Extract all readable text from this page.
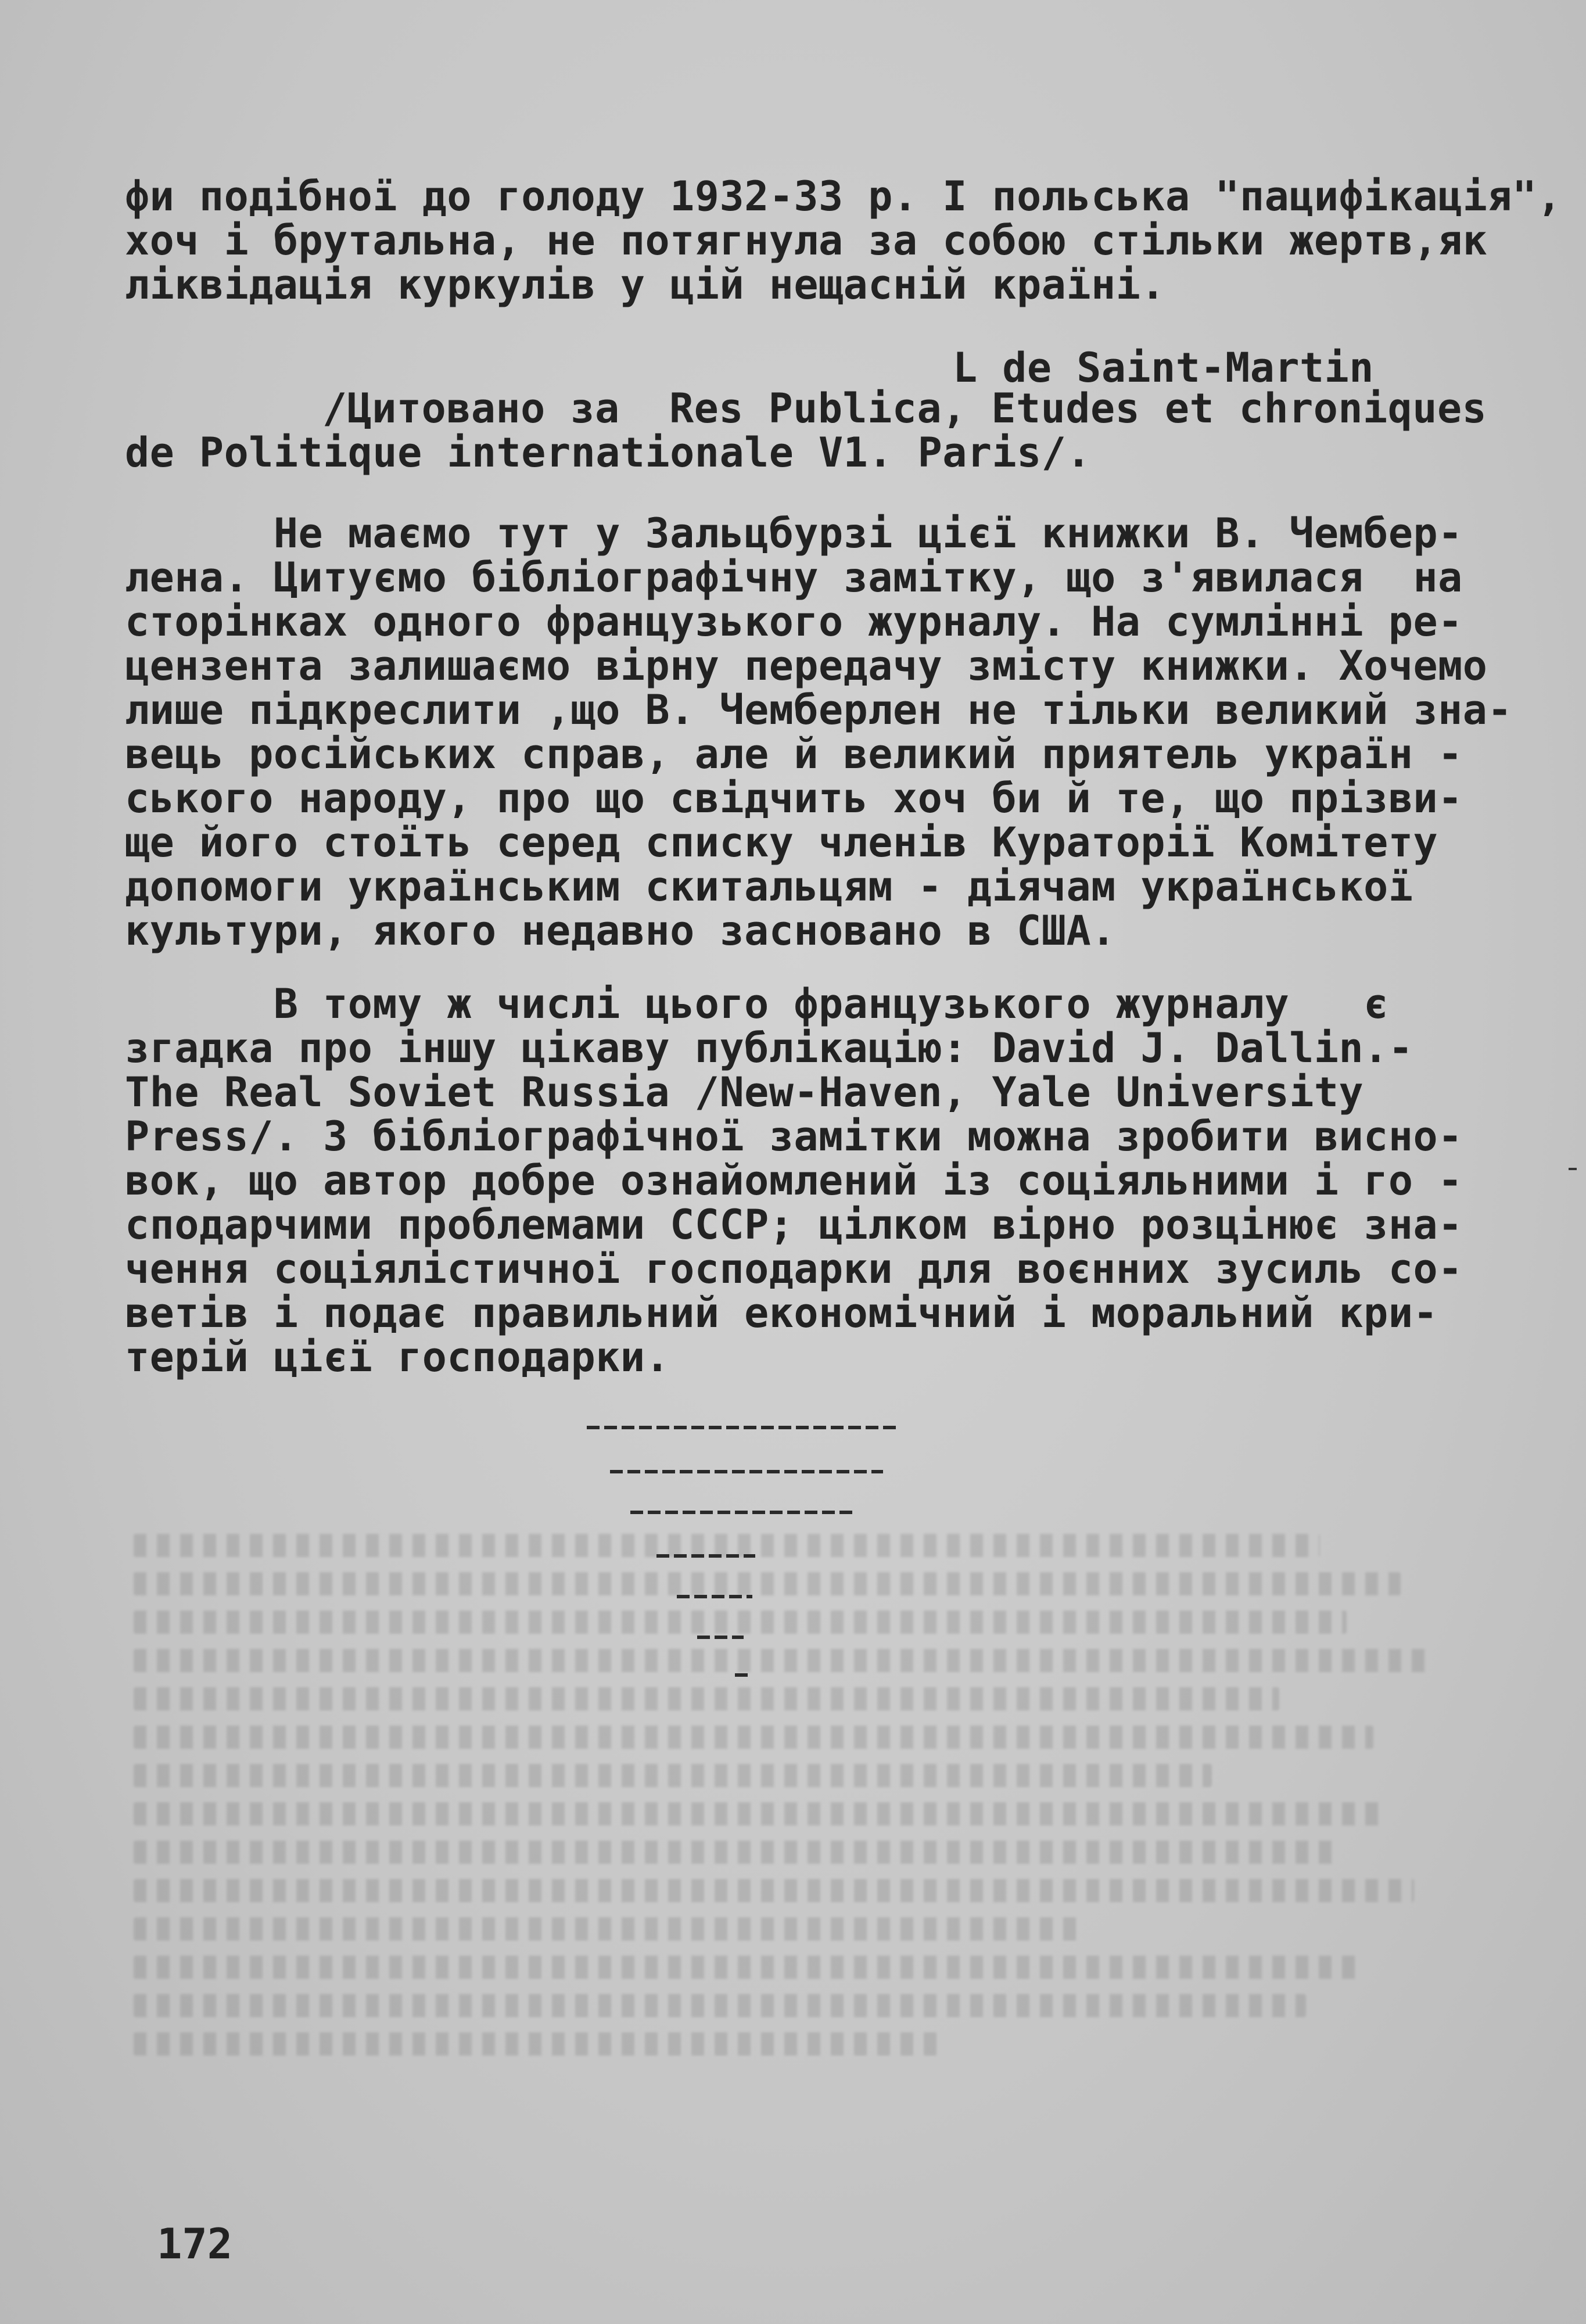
фи подібної до голоду 1932-33 р. І польська "пацифікація",
хоч і брутальна, не потягнула за собою стільки жертв,як
ліквідація куркулів у цій нещасній країні.
L de Saint-Martin
/Цитовано за  Res Publica, Etudes et chroniques
de Politique internationale V1. Paris/.
Не маємо тут у Зальцбурзі цієї книжки В. Чембер-
лена. Цитуємо бібліографічну замітку, що з'явилася  на
сторінках одного французького журналу. На сумлінні ре-
цензента залишаємо вірну передачу змісту книжки. Хочемо
лише підкреслити ,що В. Чемберлен не тільки великий зна-
вець російських справ, але й великий приятель україн -
ського народу, про що свідчить хоч би й те, що прізви-
ще його стоїть серед списку членів Кураторії Комітету
допомоги українським скитальцям - діячам української
культури, якого недавно засновано в США.
В тому ж числі цього французького журналу   є
згадка про іншу цікаву публікацію: David J. Dallin.-
The Real Soviet Russia /New-Haven, Yale University
Press/. З бібліографічної замітки можна зробити висно-
вок, що автор добре ознайомлений із соціяльними і го -
сподарчими проблемами СССР; цілком вірно розцінює зна-
чення соціялістичної господарки для воєнних зусиль со-
ветів і подає правильний економічний і моральний кри-
терій цієї господарки.
172
